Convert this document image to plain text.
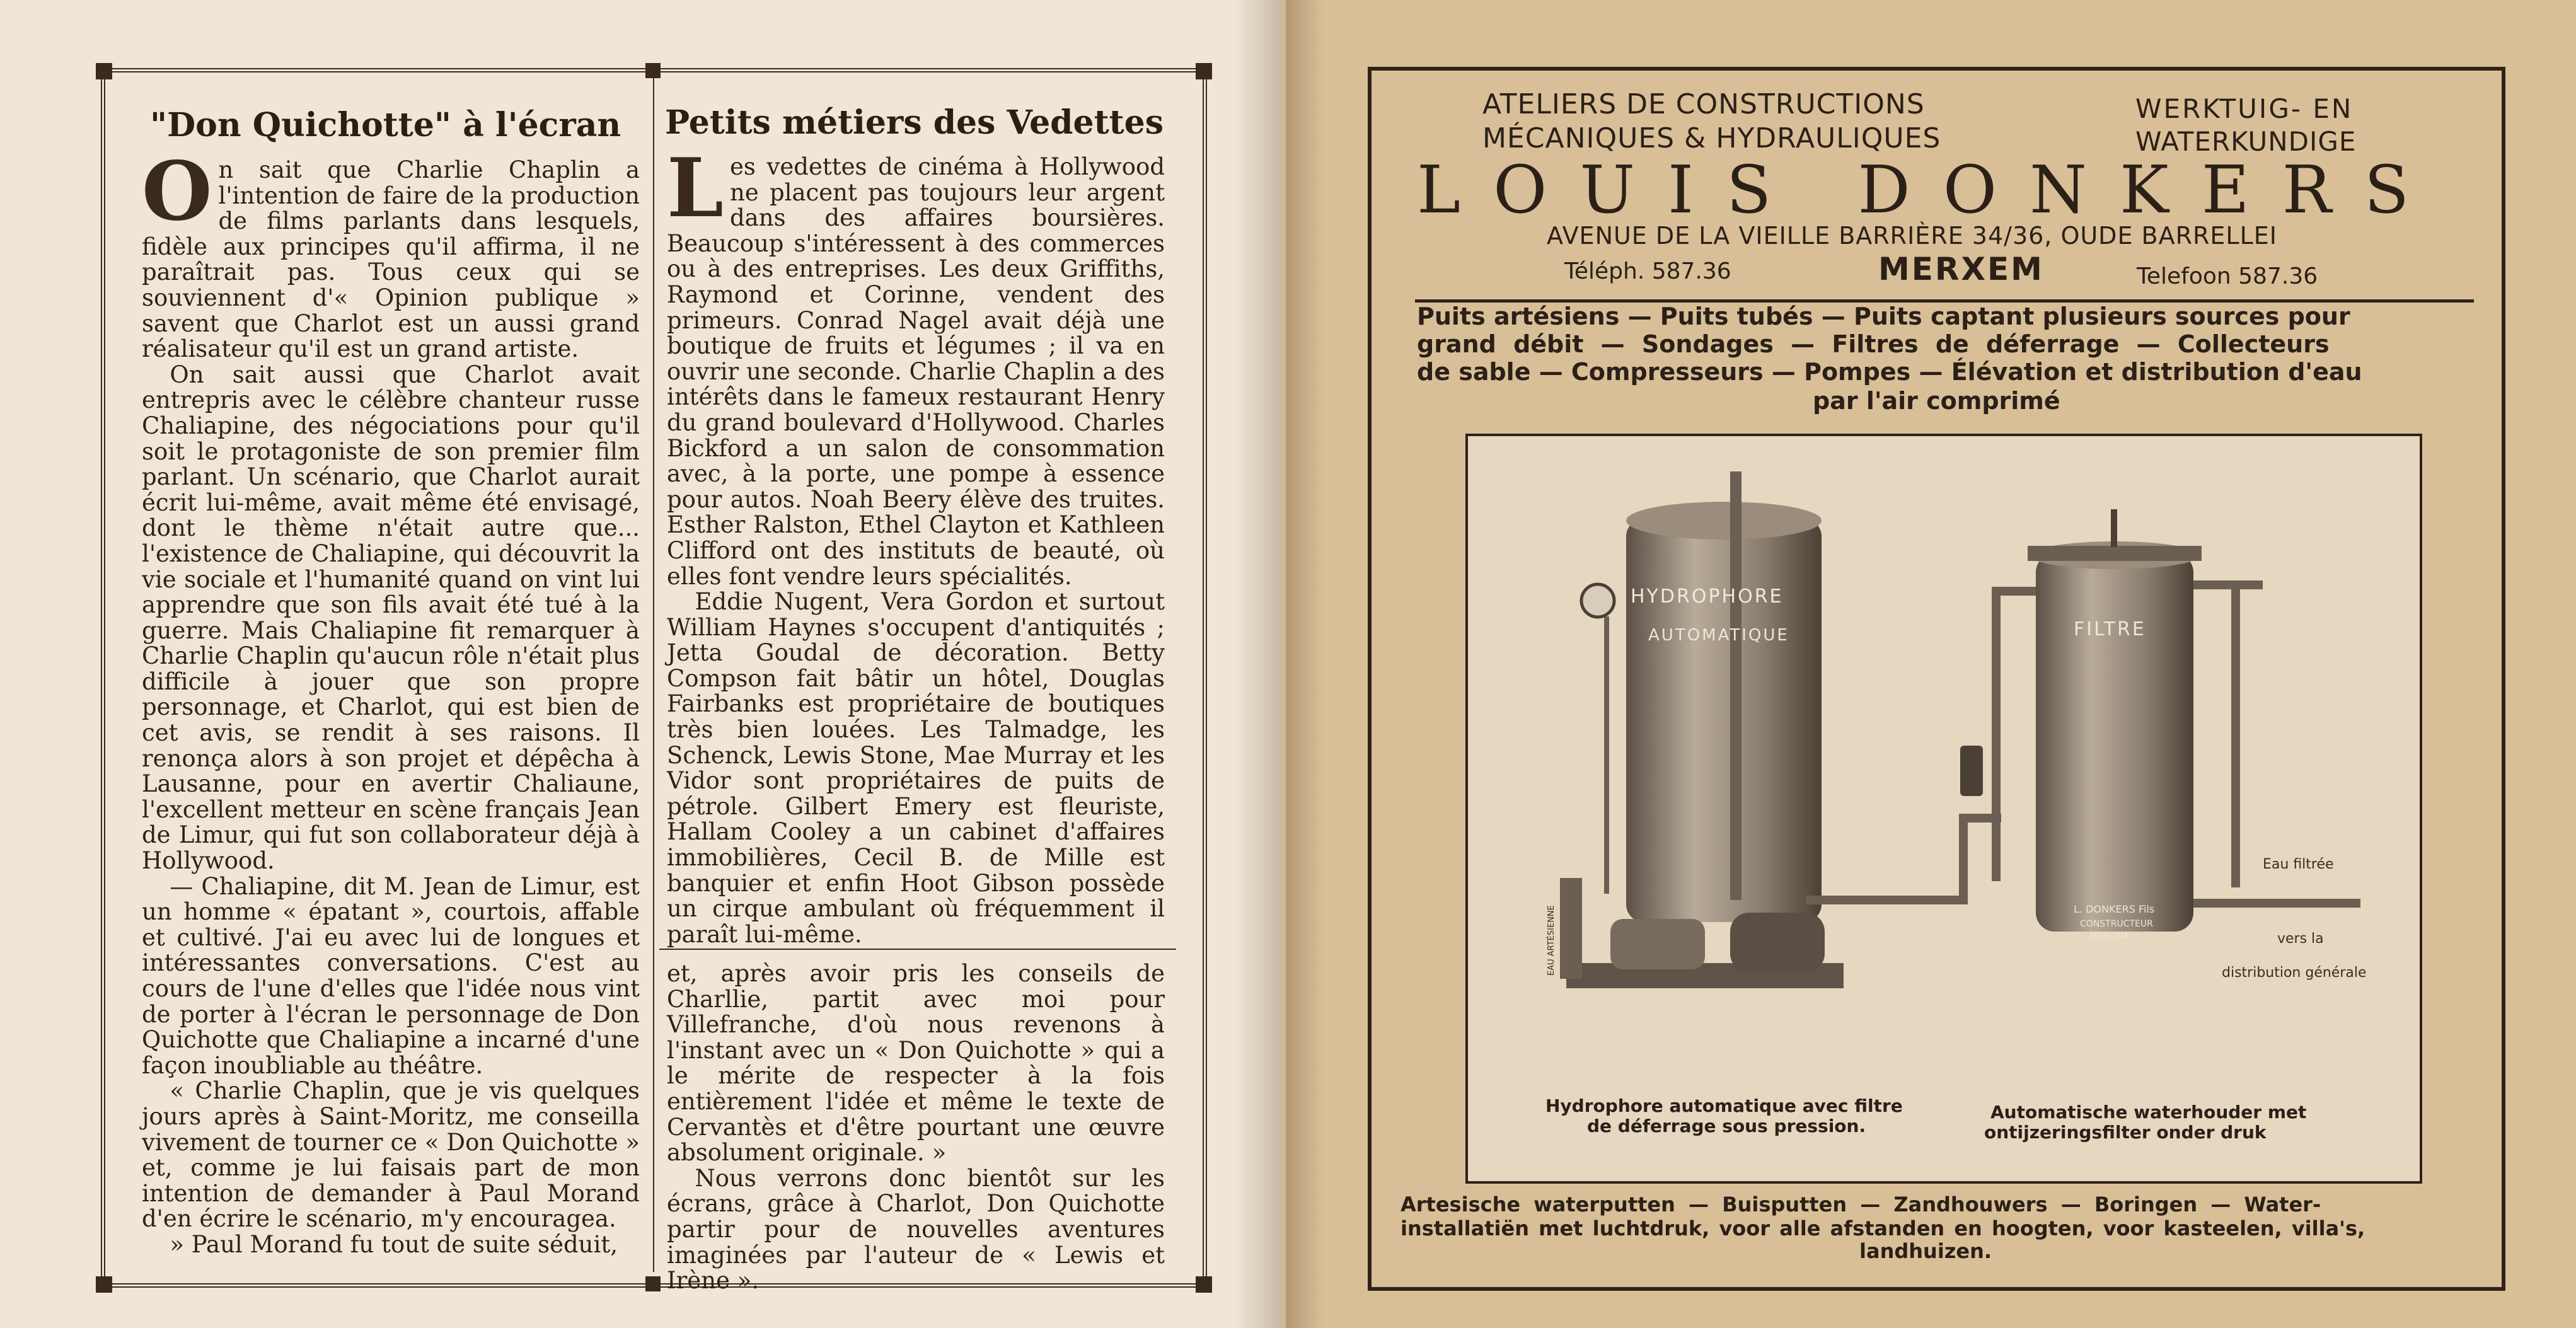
"Don Quichotte" à l'écran Petits métiers des Vedettes

On sait que Charlie Chaplin a l'intention de faire de la production de films parlants dans lesquels, fidèle aux principes qu'il affirma, il ne paraîtrait pas. Tous ceux qui se souviennent d'« Opinion publique » savent que Charlot est un aussi grand réalisateur qu'il est un grand artiste.

On sait aussi que Charlot avait entrepris avec le célèbre chanteur russe Chaliapine, des négociations pour qu'il soit le protagoniste de son premier film parlant. Un scénario, que Charlot aurait écrit lui-même, avait même été envisagé, dont le thème n'était autre que... l'existence de Chaliapine, qui découvrit la vie sociale et l'humanité quand on vint lui apprendre que son fils avait été tué à la guerre. Mais Chaliapine fit remarquer à Charlie Chaplin qu'aucun rôle n'était plus difficile à jouer que son propre personnage, et Charlot, qui est bien de cet avis, se rendit à ses raisons. Il renonça alors à son projet et dépêcha à Lausanne, pour en avertir Chaliaune, l'excellent metteur en scène français Jean de Limur, qui fut son collaborateur déjà à Hollywood.

— Chaliapine, dit M. Jean de Limur, est un homme « épatant », courtois, affable et cultivé. J'ai eu avec lui de longues et intéressantes conversations. C'est au cours de l'une d'elles que l'idée nous vint de porter à l'écran le personnage de Don Quichotte que Chaliapine a incarné d'une façon inoubliable au théâtre.

« Charlie Chaplin, que je vis quelques jours après à Saint-Moritz, me conseilla vivement de tourner ce « Don Quichotte » et, comme je lui faisais part de mon intention de demander à Paul Morand d'en écrire le scénario, m'y encouragea.

» Paul Morand fu tout de suite séduit,

Les vedettes de cinéma à Hollywood ne placent pas toujours leur argent dans des affaires boursières. Beaucoup s'intéressent à des commerces ou à des entreprises. Les deux Griffiths, Raymond et Corinne, vendent des primeurs. Conrad Nagel avait déjà une boutique de fruits et légumes ; il va en ouvrir une seconde. Charlie Chaplin a des intérêts dans le fameux restaurant Henry du grand boulevard d'Hollywood. Charles Bickford a un salon de consommation avec, à la porte, une pompe à essence pour autos. Noah Beery élève des truites. Esther Ralston, Ethel Clayton et Kathleen Clifford ont des instituts de beauté, où elles font vendre leurs spécialités.

Eddie Nugent, Vera Gordon et surtout William Haynes s'occupent d'antiquités ; Jetta Goudal de décoration. Betty Compson fait bâtir un hôtel, Douglas Fairbanks est propriétaire de boutiques très bien louées. Les Talmadge, les Schenck, Lewis Stone, Mae Murray et les Vidor sont propriétaires de puits de pétrole. Gilbert Emery est fleuriste, Hallam Cooley a un cabinet d'affaires immobilières, Cecil B. de Mille est banquier et enfin Hoot Gibson possède un cirque ambulant où fréquemment il paraît lui-même.

et, après avoir pris les conseils de Charllie, partit avec moi pour Villefranche, d'où nous revenons à l'instant avec un « Don Quichotte » qui a le mérite de respecter à la fois entièrement l'idée et même le texte de Cervantès et d'être pourtant une œuvre absolument originale. »

Nous verrons donc bientôt sur les écrans, grâce à Charlot, Don Quichotte partir pour de nouvelles aventures imaginées par l'auteur de « Lewis et Irène ».

ATELIERS DE CONSTRUCTIONS
MÉCANIQUES & HYDRAULIQUES
WERKTUIG- EN
WATERKUNDIGE
LOUIS DONKERS
AVENUE DE LA VIEILLE BARRIÈRE 34/36, OUDE BARRELLEI
Téléph. 587.36	MERXEM	Telefoon 587.36
Puits artésiens — Puits tubés — Puits captant plusieurs sources pour
grand débit — Sondages — Filtres de déferrage — Collecteurs
de sable — Compresseurs — Pompes — Élévation et distribution d'eau
par l'air comprimé
HYDROPHORE
AUTOMATIQUE	FILTRE
L. DONKERS Fils
CONSTRUCTEUR
MERXEM
Eau filtrée
vers la
distribution générale
EAU ARTÉSIENNE
Hydrophore automatique avec filtre
de déferrage sous pression.
Automatische waterhouder met
ontijzeringsfilter onder druk
Artesische waterputten — Buisputten — Zandhouwers — Boringen — Water-
installatiën met luchtdruk, voor alle afstanden en hoogten, voor kasteelen, villa's,
landhuizen.
